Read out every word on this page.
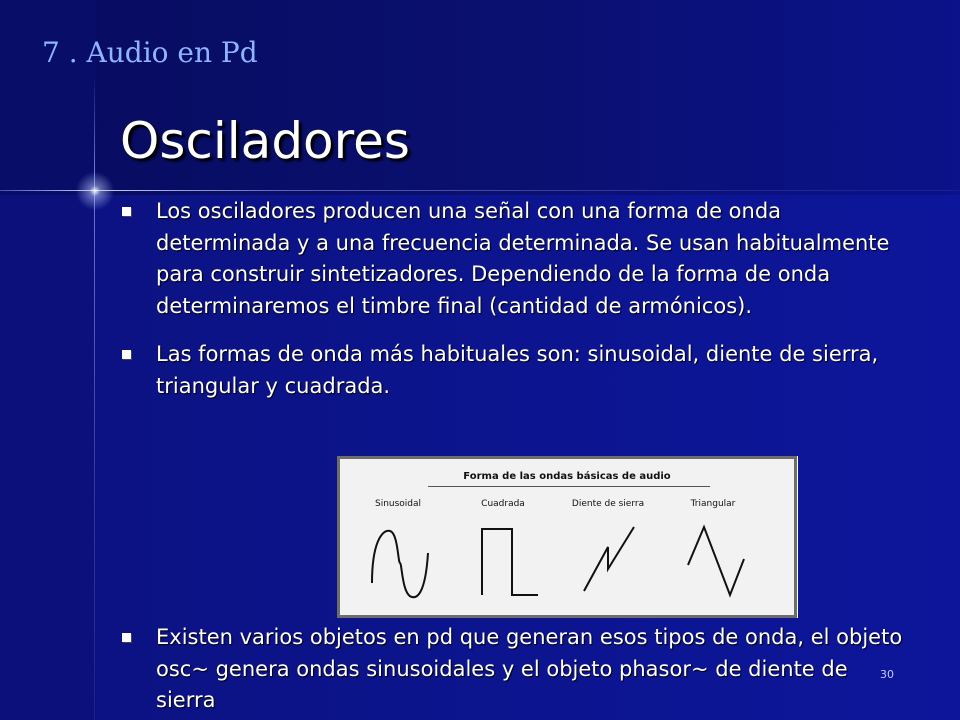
7 . Audio en Pd
Osciladores
Los osciladores producen una señal con una forma de onda determinada y a una frecuencia determinada. Se usan habitualmente para construir sintetizadores. Dependiendo de la forma de onda determinaremos el timbre final (cantidad de armónicos).
Las formas de onda más habituales son: sinusoidal, diente de sierra, triangular y cuadrada.
Forma de las ondas básicas de audio
Sinusoidal	Cuadrada	Diente de sierra	Triangular
Existen varios objetos en pd que generan esos tipos de onda, el objeto osc~ genera ondas sinusoidales y el objeto phasor~ de diente de sierra
30
